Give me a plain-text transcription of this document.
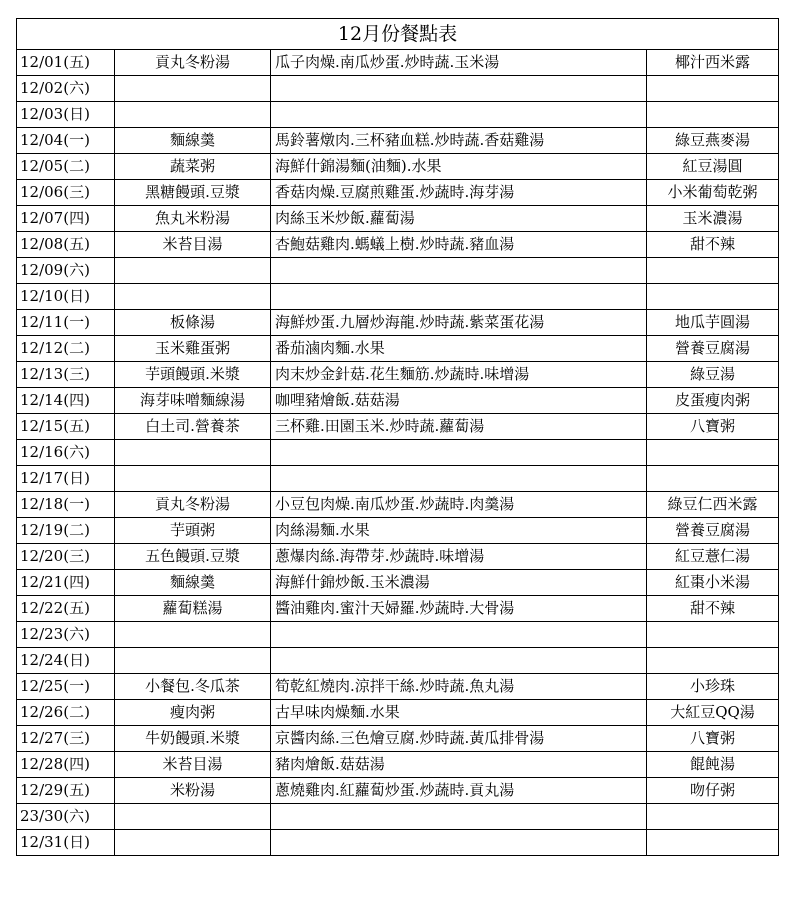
12月份餐點表			
12/01(五)	貢丸冬粉湯	瓜子肉燥.南瓜炒蛋.炒時蔬.玉米湯	椰汁西米露
12/02(六)			
12/03(日)			
12/04(一)	麵線羹	馬鈴薯燉肉.三杯豬血糕.炒時蔬.香菇雞湯	綠豆燕麥湯
12/05(二)	蔬菜粥	海鮮什錦湯麵(油麵).水果	紅豆湯圓
12/06(三)	黑糖饅頭.豆漿	香菇肉燥.豆腐煎雞蛋.炒蔬時.海芽湯	小米葡萄乾粥
12/07(四)	魚丸米粉湯	肉絲玉米炒飯.蘿蔔湯	玉米濃湯
12/08(五)	米苔目湯	杏鮑菇雞肉.螞蟻上樹.炒時蔬.豬血湯	甜不辣
12/09(六)			
12/10(日)			
12/11(一)	板條湯	海鮮炒蛋.九層炒海龍.炒時蔬.紫菜蛋花湯	地瓜芋圓湯
12/12(二)	玉米雞蛋粥	番茄滷肉麵.水果	營養豆腐湯
12/13(三)	芋頭饅頭.米漿	肉末炒金針菇.花生麵筋.炒蔬時.味增湯	綠豆湯
12/14(四)	海芽味噌麵線湯	咖哩豬燴飯.菇菇湯	皮蛋瘦肉粥
12/15(五)	白土司.營養茶	三杯雞.田園玉米.炒時蔬.蘿蔔湯	八寶粥
12/16(六)			
12/17(日)			
12/18(一)	貢丸冬粉湯	小豆包肉燥.南瓜炒蛋.炒蔬時.肉羹湯	綠豆仁西米露
12/19(二)	芋頭粥	肉絲湯麵.水果	營養豆腐湯
12/20(三)	五色饅頭.豆漿	蔥爆肉絲.海帶芽.炒蔬時.味增湯	紅豆薏仁湯
12/21(四)	麵線羹	海鮮什錦炒飯.玉米濃湯	紅棗小米湯
12/22(五)	蘿蔔糕湯	醬油雞肉.蜜汁天婦羅.炒蔬時.大骨湯	甜不辣
12/23(六)			
12/24(日)			
12/25(一)	小餐包.冬瓜茶	筍乾紅燒肉.涼拌干絲.炒時蔬.魚丸湯	小珍珠
12/26(二)	瘦肉粥	古早味肉燥麵.水果	大紅豆QQ湯
12/27(三)	牛奶饅頭.米漿	京醬肉絲.三色燴豆腐.炒時蔬.黃瓜排骨湯	八寶粥
12/28(四)	米苔目湯	豬肉燴飯.菇菇湯	餛飩湯
12/29(五)	米粉湯	蔥燒雞肉.紅蘿蔔炒蛋.炒蔬時.貢丸湯	吻仔粥
23/30(六)			
12/31(日)			
